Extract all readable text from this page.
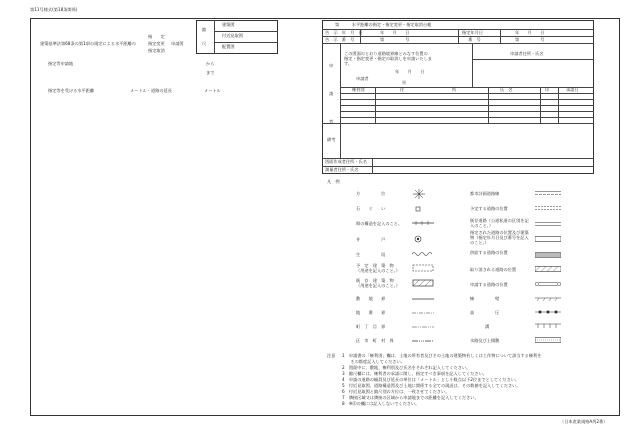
第11号様式(第18条関係)
建築基準法第68条の第1項の規定による水平距離の
指　　定
指定変更
指定取消
申請図
縮
尺
建築図
付近見取図
配置図
指定等申請地	から
まで
指定等を受ける水平距離	メートル・道路の延長	メートル
第　　　水平距離の指定・指定変更・指定取消台帳
告　示　年　月　日	年　　月　　日	指定年月日	年　　月　　日
告　示　番　号	第　　　　　号	番　号	第　　　　　号
申
請
者
この図面のとおり道路境界線とみなす位置の
指定・指定変更・指定の取消しを申請いたしま
す。
年　　月　　日
申請者
㊞
申請者住所・氏名
権利別	住	所	氏　名	印	承諾日
備考
図面作成者住所・氏名
測量者住所・氏名
凡　例
方　　　　　位
石　　ぐ　　い
塀の構造を記入のこと。
井　　　　　戸
生　　　　　垣
予　定　建　築　物
（用途を記入のこと。）
既　存　建　築　物
（用途を記入のこと。）
敷　　地　　界
地　　番　　界
町　丁　目　界
区　市　町　村　界
都市計画道路線
予定する道路の位置
既存道路（公道私道の区別を記入のこと。）
指定された道路の位置及び建築物（指定年月日及び番号を記入のこと。）
供給する道路の位置
取り消される道路の位置
申請する道路の位置
擁　　　　　壁
高　　　　　圧
溝
水路及び土揚敷
注意 1　申請書の「権利別」欄は、土地の所有者及びその土地の建築物若しくは工作物について該当する権利を
　　その都度記入してください。
2　図面中に、敷地、権利別及び氏名をそれぞれ記入してください。
3　縮尺欄には、権利者の承諾に関し、指定すべき事項を記入してください。
4　申請の道路の幅員及び延長の単位は「メートル」とし小数点以下2位までとしてください。
5　付近見取図、道路構造図及び土地に関係する全ての現況は、その数値を記入してください。
6　付近見取図と縮尺別の方位は、一致させてください。
7　隣接区域又は隣接の区域から申請地までの距離を記入してください。
8　※印の欄には記入しないでください。
（日本産業規格A列2番）
